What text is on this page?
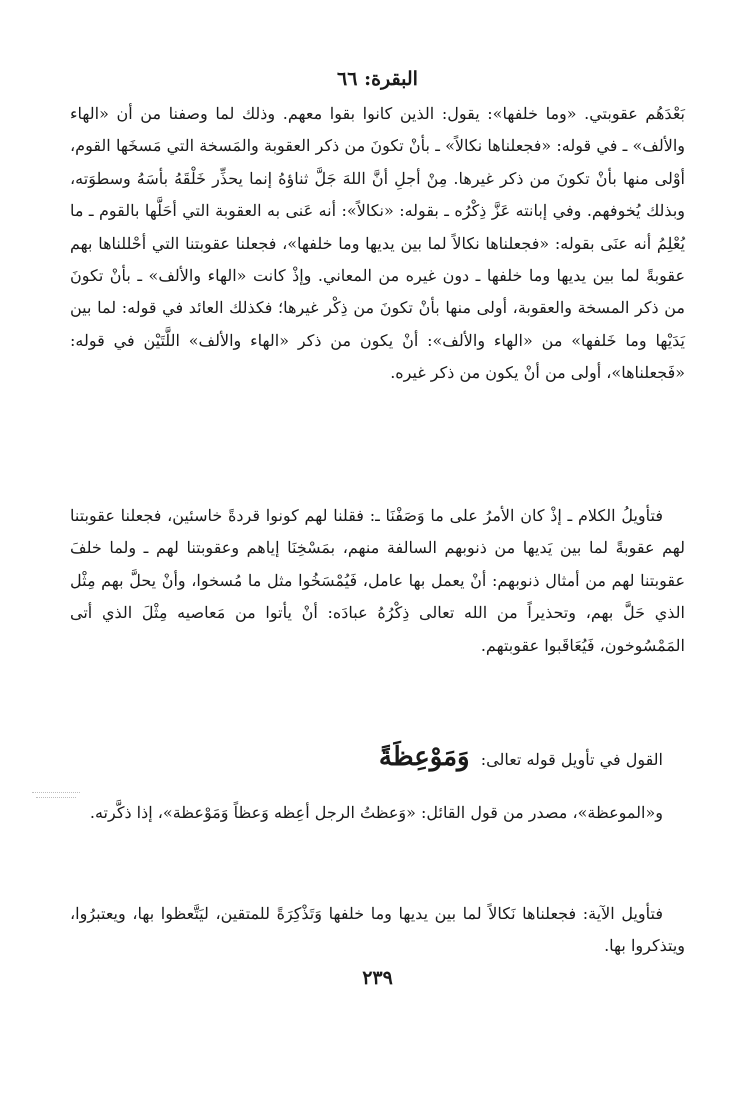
البقرة: ٦٦

بَعْدَهُم عقوبتي. «وما خلفها»: يقول: الذين كانوا بقوا معهم. وذلك لما وصفنا من أن «الهاء والألف» ـ في قوله: «فجعلناها نكالاً» ـ بأنْ تكونَ من ذكر العقوبة والمَسخة التي مَسخَها القوم، أوْلى منها بأنْ تكونَ من ذكر غيرها. مِنْ أجلِ أنَّ اللهَ جَلَّ ثناؤهُ إنما يحذِّر خَلْقَهُ بأسَهُ وسطوَته، وبذلك يُخوفهم. وفي إبانته عَزَّ ذِكْرُه ـ بقوله: «نكالاً»: أنه عَنى به العقوبة التي أحَلَّها بالقوم ـ ما يُعْلِمُ أنه عنَى بقوله: «فجعلناها نكالاً لما بين يديها وما خلفها»، فجعلنا عقوبتنا التي أحْللناها بهم عقوبةً لما بين يديها وما خلفها ـ دون غيره من المعاني. وإذْ كانت «الهاء والألف» ـ بأنْ تكونَ من ذكر المسخة والعقوبة، أولى منها بأنْ تكونَ من ذِكْر غيرها؛ فكذلك العائد في قوله: لما بين يَدَيْها وما خَلفها» من «الهاء والألف»: أنْ يكون من ذكر «الهاء والألف» اللَّتَيْن في قوله: «فَجعلناها»، أولى من أنْ يكون من ذكر غيره.

فتأويلُ الكلام ـ إذْ كان الأمرُ على ما وَصَفْنَا ـ: فقلنا لهم كونوا قردةً خاسئين، فجعلنا عقوبتنا لهم عقوبةً لما بين يَديها من ذنوبهم السالفة منهم، بمَسْخِنَا إياهم وعقوبتنا لهم ـ ولما خلفَ عقوبتنا لهم من أمثال ذنوبهم: أنْ يعمل بها عامل، فَيُمْسَخُوا مثل ما مُسخوا، وأنْ يحلَّ بهم مِثْل الذي حَلَّ بهم، وتحذيراً من الله تعالى ذِكْرُهُ عبادَه: أنْ يأتوا من مَعاصيه مِثْلَ الذي أتى المَمْسُوخون، فَيُعَاقَبوا عقوبتهم.

القول في تأويل قوله تعالى: وَمَوْعِظَةً

و«الموعظة»، مصدر من قول القائل: «وَعظتُ الرجل أعِظه وَعظاً وَمَوْعظة»، إذا ذكَّرته.

فتأويل الآية: فجعلناها نَكالاً لما بين يديها وما خلفها وَتَذْكِرَةً للمتقين، ليَتَّعظوا بها، ويعتبرُوا، ويتذكروا بها.

٢٣٩
